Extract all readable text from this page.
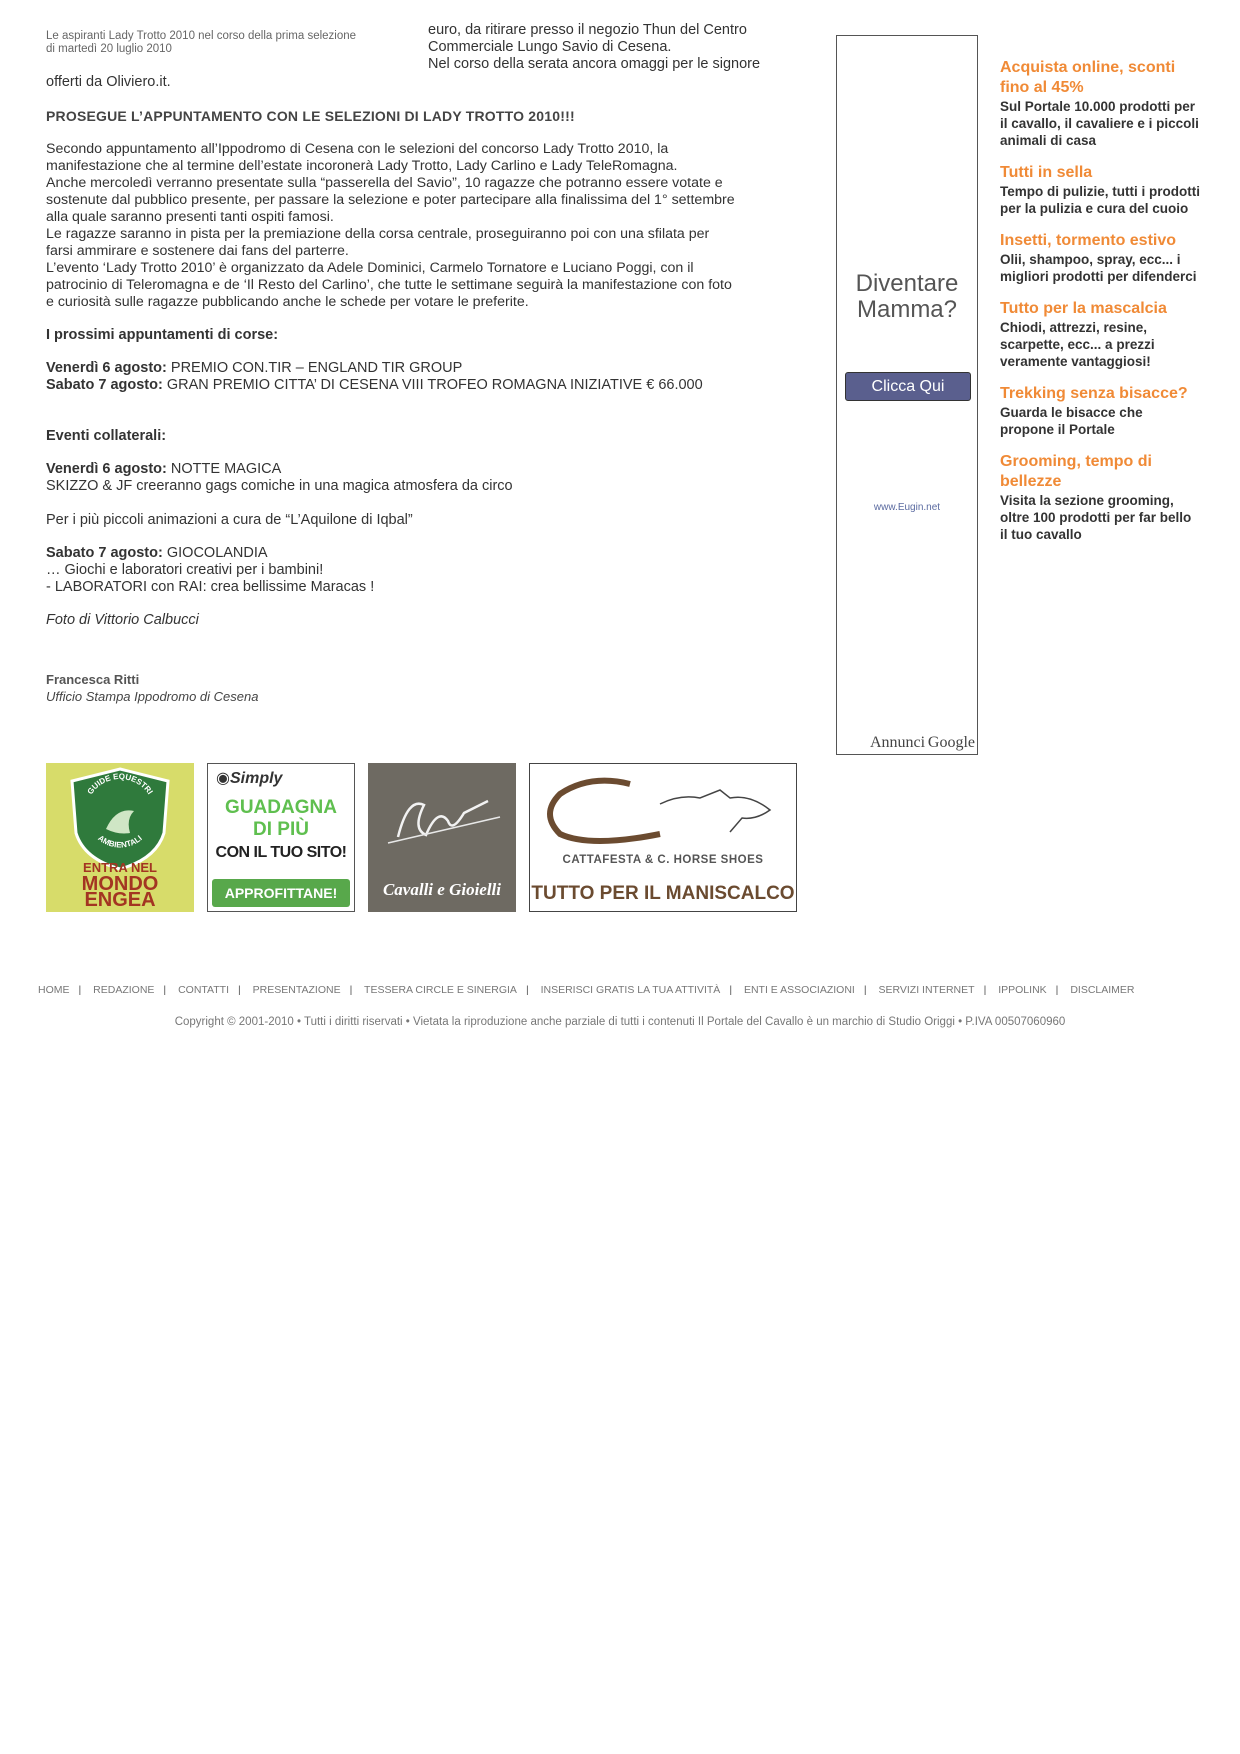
Le aspiranti Lady Trotto 2010 nel corso della prima selezione
di martedì 20 luglio 2010
euro, da ritirare presso il negozio Thun del Centro
Commerciale Lungo Savio di Cesena.
Nel corso della serata ancora omaggi per le signore
offerti da Oliviero.it.
PROSEGUE L’APPUNTAMENTO CON LE SELEZIONI DI LADY TROTTO 2010!!!

Secondo appuntamento all’Ippodromo di Cesena con le selezioni del concorso Lady Trotto 2010, la

manifestazione che al termine dell’estate incoronerà Lady Trotto, Lady Carlino e Lady TeleRomagna.

Anche mercoledì verranno presentate sulla “passerella del Savio”, 10 ragazze che potranno essere votate e

sostenute dal pubblico presente, per passare la selezione e poter partecipare alla finalissima del 1° settembre

alla quale saranno presenti tanti ospiti famosi.

Le ragazze saranno in pista per la premiazione della corsa centrale, proseguiranno poi con una sfilata per

farsi ammirare e sostenere dai fans del parterre.

L’evento ‘Lady Trotto 2010’ è organizzato da Adele Dominici, Carmelo Tornatore e Luciano Poggi, con il

patrocinio di Teleromagna e de ‘Il Resto del Carlino’, che tutte le settimane seguirà la manifestazione con foto

e curiosità sulle ragazze pubblicando anche le schede per votare le preferite.

I prossimi appuntamenti di corse:

Venerdì 6 agosto: PREMIO CON.TIR – ENGLAND TIR GROUP

Sabato 7 agosto: GRAN PREMIO CITTA’ DI CESENA VIII TROFEO ROMAGNA INIZIATIVE € 66.000

Eventi collaterali:

Venerdì 6 agosto: NOTTE MAGICA

SKIZZO & JF creeranno gags comiche in una magica atmosfera da circo

Per i più piccoli animazioni a cura de “L’Aquilone di Iqbal”

Sabato 7 agosto: GIOCOLANDIA

… Giochi e laboratori creativi per i bambini!

- LABORATORI con RAI: crea bellissime Maracas !

Foto di Vittorio Calbucci

Francesca Ritti

Ufficio Stampa Ippodromo di Cesena

Diventare Mamma?
Clicca Qui
www.Eugin.net
Annunci Google
Acquista online, sconti fino al 45%
Sul Portale 10.000 prodotti per il cavallo, il cavaliere e i piccoli animali di casa
Tutti in sella
Tempo di pulizie, tutti i prodotti per la pulizia e cura del cuoio
Insetti, tormento estivo
Olii, shampoo, spray, ecc... i migliori prodotti per difenderci
Tutto per la mascalcia
Chiodi, attrezzi, resine, scarpette, ecc... a prezzi veramente vantaggiosi!
Trekking senza bisacce?
Guarda le bisacce che propone il Portale
Grooming, tempo di bellezze
Visita la sezione grooming, oltre 100 prodotti per far bello il tuo cavallo
GUIDE EQUESTRI
AMBIENTALI
ENTRA NEL
MONDO ENGEA
◉Simply
GUADAGNA
DI PIÙ
CON IL TUO SITO!
APPROFITTANE!	Cavalli e Gioielli
CATTAFESTA & C. HORSE SHOES
TUTTO PER IL MANISCALCO
HOME | REDAZIONE | CONTATTI | PRESENTAZIONE | TESSERA CIRCLE E SINERGIA | INSERISCI GRATIS LA TUA ATTIVITÀ | ENTI E ASSOCIAZIONI | SERVIZI INTERNET | IPPOLINK | DISCLAIMER
Copyright © 2001-2010 • Tutti i diritti riservati • Vietata la riproduzione anche parziale di tutti i contenuti Il Portale del Cavallo è un marchio di Studio Origgi • P.IVA 00507060960
